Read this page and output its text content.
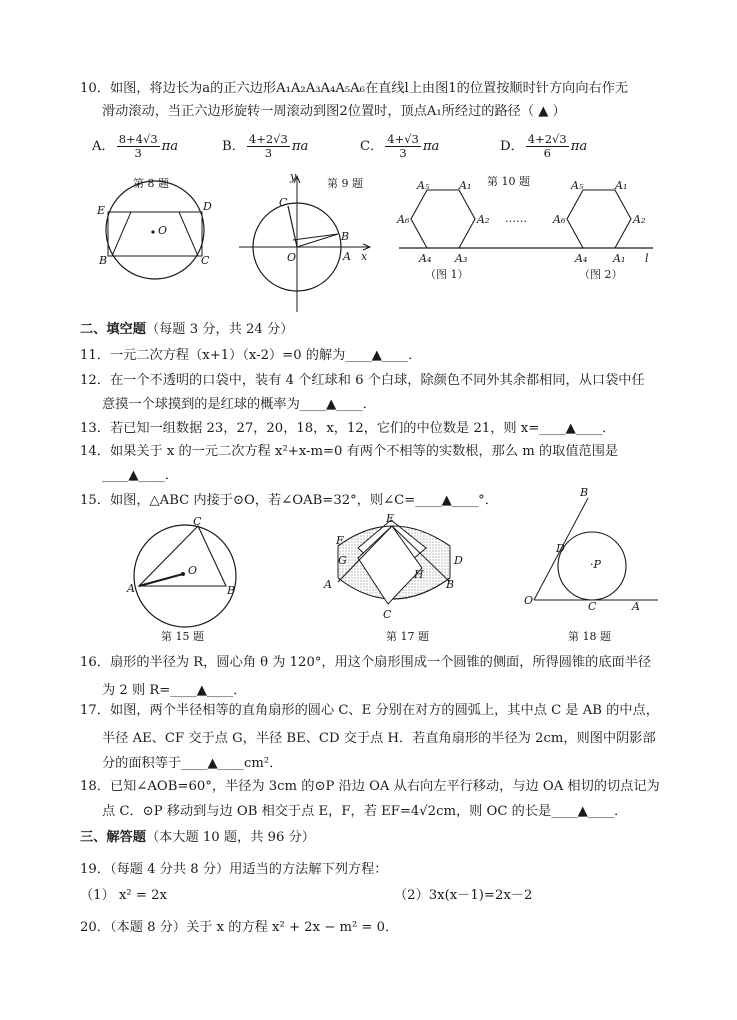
10．如图，将边长为a的正六边形A₁A₂A₃A₄A₅A₆在直线l上由图1的位置按顺时针方向向右作无
滑动滚动，当正六边形旋转一周滚动到图2位置时，顶点A₁所经过的路径（ ▲ ）
A． $\frac{8+4√3}{3}$ πa	B． $\frac{4+2√3}{3}$ πa	C． $\frac{4+√3}{3}$ πa	D． $\frac{4+2√3}{6}$ πa
第 8 题
E	D
O
B	C
第 9 题
y
C
B
O	A x
第 10 题
A₅	A₁
A₆	A₂
A₄ A₃
……
A₅	A₁
A₆	A₂
A₄ A₁ l
（图 1）	（图 2）
二、填空题（每题 3 分，共 24 分）
11．一元二次方程（x+1）（x-2）=0 的解为____▲____．
12．在一个不透明的口袋中，装有 4 个红球和 6 个白球，除颜色不同外其余都相同，从口袋中任
意摸一个球摸到的是红球的概率为____▲____．
13．若已知一组数据 23，27，20，18，x，12，它们的中位数是 21，则 x=____▲____．
14．如果关于 x 的一元二次方程 x²+x-m=0 有两个不相等的实数根，那么 m 的取值范围是
____▲____．
15．如图，△ABC 内接于⊙O，若∠OAB=32°，则∠C=____▲____°．
C
A
O
B
第 15 题
E
F
G	D
H
A	B
C
第 17 题
B
D
·P
O	C	A
第 18 题
16．扇形的半径为 R，圆心角 θ 为 120°，用这个扇形围成一个圆锥的侧面，所得圆锥的底面半径
为 2 则 R=____▲____．
17．如图，两个半径相等的直角扇形的圆心 C、E 分别在对方的圆弧上，其中点 C 是 AB 的中点，
半径 AE、CF 交于点 G，半径 BE、CD 交于点 H．若直角扇形的半径为 2cm，则图中阴影部
分的面积等于____▲____cm²．
18．已知∠AOB=60°，半径为 3cm 的⊙P 沿边 OA 从右向左平行移动，与边 OA 相切的切点记为
点 C．⊙P 移动到与边 OB 相交于点 E，F，若 EF=4√2cm，则 OC 的长是____▲____．
三、解答题（本大题 10 题，共 96 分）
19．（每题 4 分共 8 分）用适当的方法解下列方程：
（1） x² = 2x	（2）3x(x－1)=2x－2
20．（本题 8 分）关于 x 的方程 x² + 2x − m² = 0．
